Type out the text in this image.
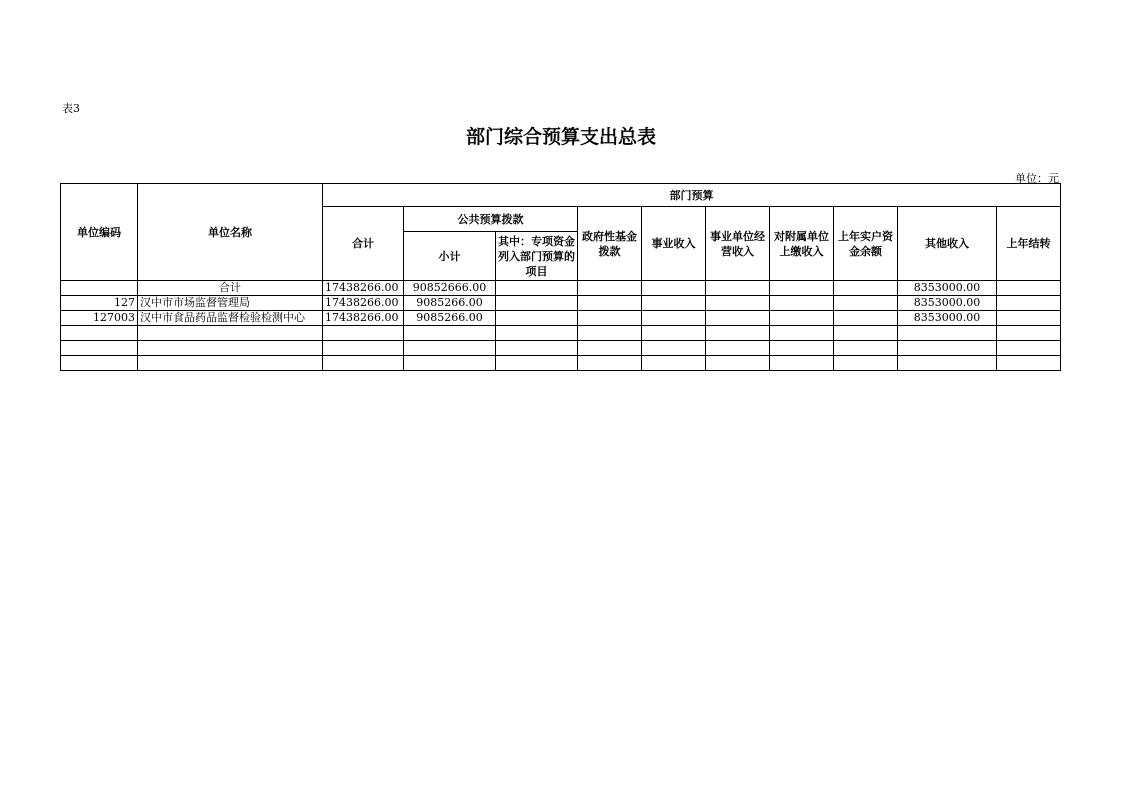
表3
部门综合预算支出总表
单位：元
单位编码	单位名称	部门预算									
		合计	公共预算拨款		政府性基金拨款	事业收入	事业单位经营收入	对附属单位上缴收入	上年实户资金余额	其他收入	上年结转
			小计	其中：专项资金列入部门预算的项目							
	合计	17438266.00	90852666.00							8353000.00	
127	汉中市市场监督管理局	17438266.00	9085266.00							8353000.00	
127003	汉中市食品药品监督检验检测中心	17438266.00	9085266.00							8353000.00	
